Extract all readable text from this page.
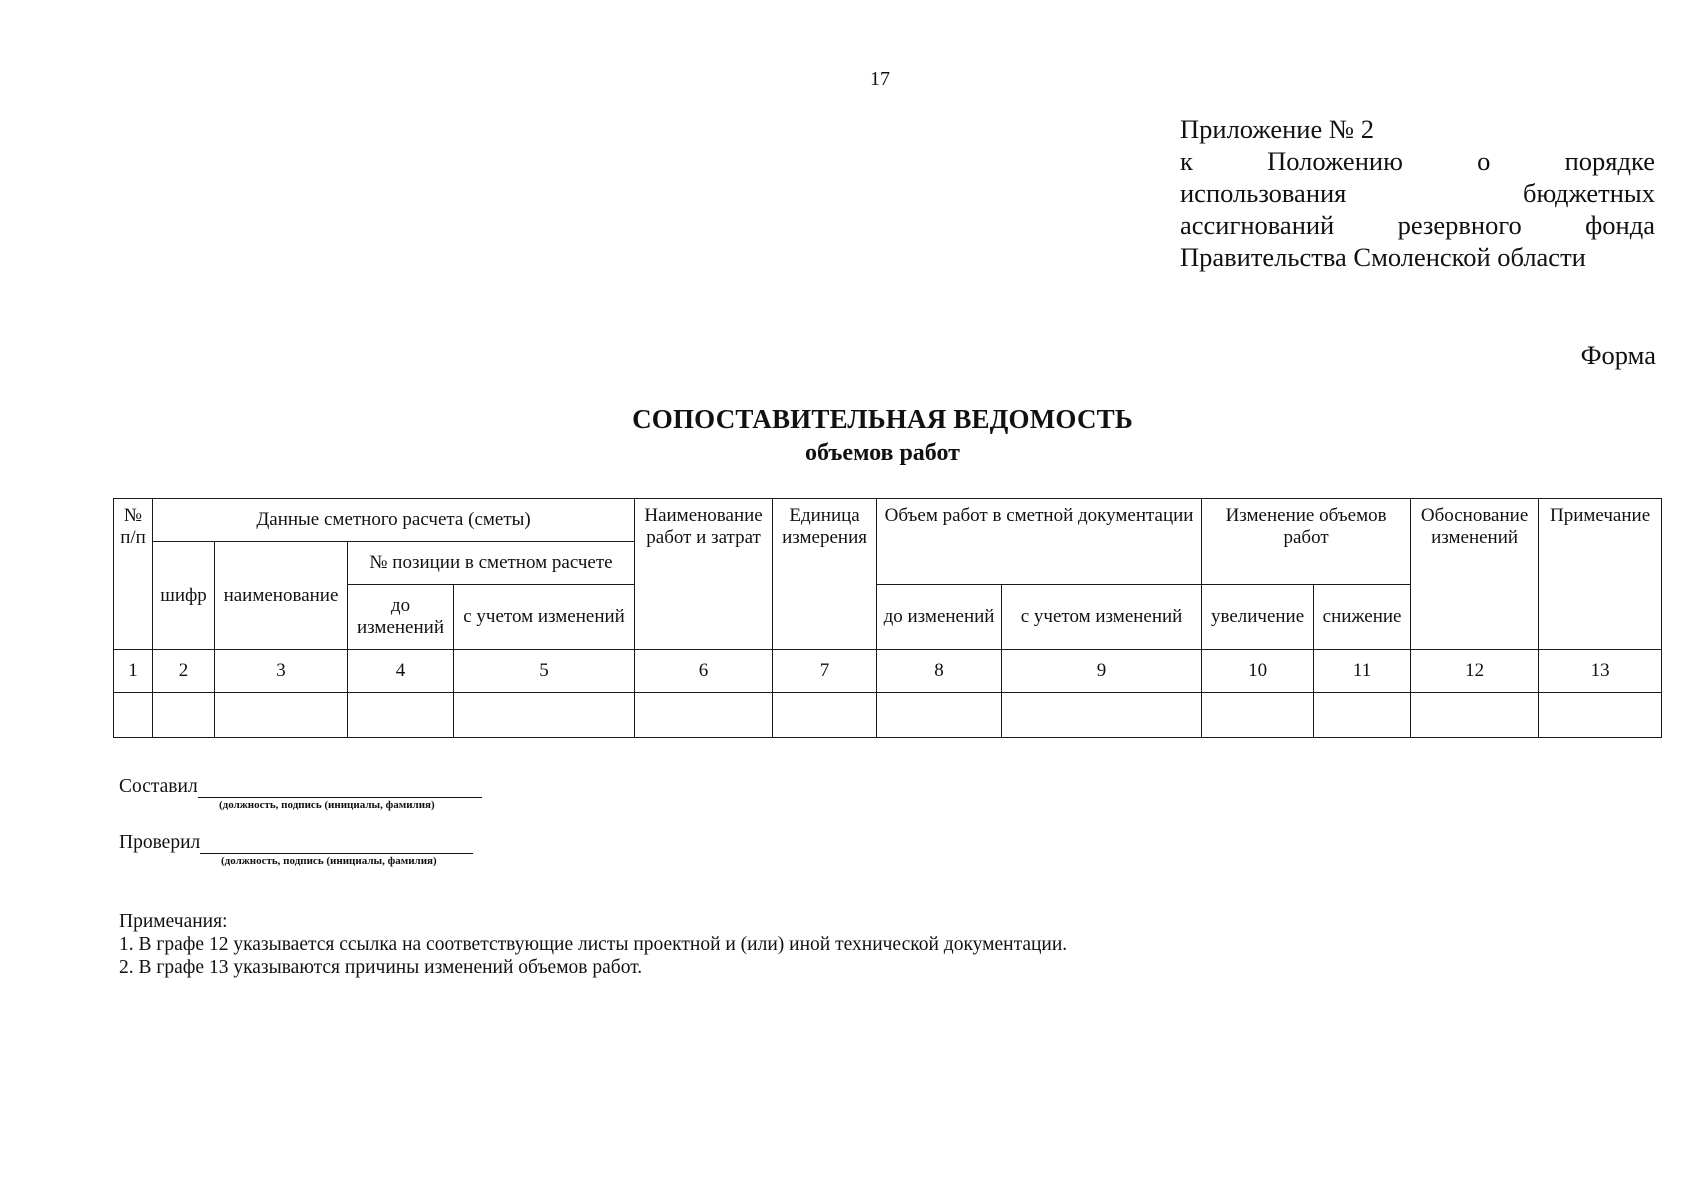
17
Приложение № 2
к	Положению	о	порядке
использования	бюджетных
ассигнований резервного фонда
Правительства Смоленской области
Форма
СОПОСТАВИТЕЛЬНАЯ ВЕДОМОСТЬ
объемов работ
№ п/п	Данные сметного расчета (сметы)				Наименование работ и затрат	Единица измерения	Объем работ в сметной документации		Изменение объемов работ		Обоснование изменений	Примечание
	шифр	наименование	№ позиции в сметном расчете									
			до изменений	с учетом изменений			до изменений	с учетом изменений	увеличение	снижение		
1	2	3	4	5	6	7	8	9	10	11	12	13

Составил
(должность, подпись (инициалы, фамилия)
Проверил
(должность, подпись (инициалы, фамилия)
Примечания:
1. В графе 12 указывается ссылка на соответствующие листы проектной и (или) иной технической документации.
2. В графе 13 указываются причины изменений объемов работ.
